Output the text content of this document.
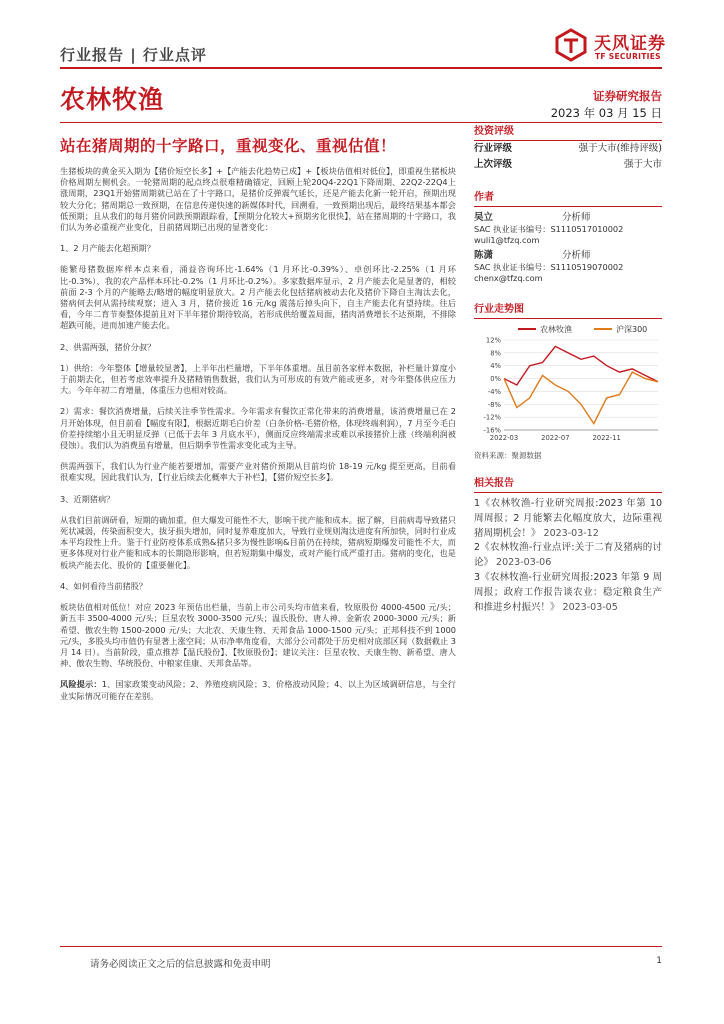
行业报告 | 行业点评
天风证券
TF SECURITIES
农林牧渔	证券研究报告
2023 年 03 月 15 日
站在猪周期的十字路口，重视变化、重视估值！

生猪板块的黄金买入期为【猪价短空长多】+【产能去化趋势已成】+【板块估值相对低位】，即重视生猪板块价格周期左侧机会。一轮猪周期的起点终点很难精确锚定，回顾上轮20Q4-22Q1下降周期、22Q2-22Q4上涨周期，23Q1开始猪周期就已站在了十字路口，是猪价反弹震气延长，还是产能去化新一轮开启，预期出现较大分化；猪周期总一致预期，在信息传递快速的新媒体时代，回溯看，一致预期出现后，最终结果基本都会低预期；且从我们的每月猪价同跌预期跟踪看，【预期分化较大+预期劣化很快】，站在猪周期的十字路口，我们认为务必重视产业变化，目前猪周期已出现的显著变化：

1、2 月产能去化超预期？

能繁母猪数据库样本点来看，涌益咨询环比-1.64%（1 月环比-0.39%）、卓创环比-2.25%（1 月环比-0.3%）、我的农产品样本环比-0.2%（1 月环比-0.2%）。多家数据库显示，2 月产能去化是显著的，相较前面 2-3 个月的产能略去/略增的幅度明显放大。2 月产能去化包括猪病被动去化及猪价下降自主淘汰去化，猪病何去何从需持续观察；进入 3 月，猪价接近 16 元/kg 震荡后掉头向下，自主产能去化有望持续。往后看，今年二育节奏整体提前且对下半年猪价期待较高，若形成供给覆盖局面，猪肉消费增长不达预期，不排除超跌可能，进而加速产能去化。

2、供需两强，猪价分叔？

1）供给：今年整体【增量较显著】，上半年出栏量增，下半年体重增。虽目前各家样本数据，补栏量计算度小于前期去化，但若考虑效率提升及猪精销售数据，我们认为可形成的有效产能或更多，对今年整体供应压力大。今年年初二育增量，体重压力也相对较高。

2）需求：餐饮消费增量，后续关注季节性需求。今年需求有餐饮正常化带来的消费增量，该消费增量已在 2 月开始体现，但目前看【幅度有限】，根据近期毛白价差（白条价格-毛猪价格，体现终端利润），7 月至今毛白价差持续缩小且无明显反弹（已低于去年 3 月底水平），侧面反应终端需求或难以承接猪价上涨（终端利润被侵蚀）。我们认为消费虽有增量，但后期季节性需求变化或为主导。

供需两强下，我们认为行业产能若要增加，需要产业对猪价预期从目前均价 18-19 元/kg 提至更高，目前看很难实现，因此我们认为，【行业后续去化概率大于补栏】，【猪价短空长多】。

3、近期猪病？

从我们目前调研看，短期的确加重，但大爆发可能性不大，影响干扰产能和成本。据了解，目前病毒导致猪只死状减弱，传染面积变大，拔牙损失增加，同时复养难度加大，导致行业规则淘汰进度有所加快，同时行业成本平均段性上升。鉴于行业防疫体系成熟&猪只多为慢性影响&目前仍在持续，猪病短期爆发可能性不大，而更多体现对行业产能和成本的长期隐形影响，但若短期集中爆发，或对产能行成严重打击。猪病的变化，也是板块产能去化、股价的【重要催化】。

4、如何看待当前猪股？

板块估值相对低位！对应 2023 年预估出栏量，当前上市公司头均市值来看，牧原股份 4000-4500 元/头；新五丰 3500-4000 元/头；巨星农牧 3000-3500 元/头；温氏股份、唐人神、金新农 2000-3000 元/头；新希望、傲农生物 1500-2000 元/头；大北农、天康生物、天邦食品 1000-1500 元/头；正邦科技不到 1000 元/头，多股头均市值仍有显著上涨空间；从市净率角度看，大部分公司都处于历史相对底部区间（数据截止 3 月 14 日）。当前阶段，重点推荐【温氏股份】、【牧原股份】；建议关注：巨星农牧、天康生物、新希望、唐人神、傲农生物、华统股份、中粮家佳康、天邦食品等。

风险提示：1、国家政策变动风险；2、养殖疫病风险；3、价格波动风险；4、以上为区域调研信息，与全行业实际情况可能存在差别。

投资评级
行业评级	强于大市(维持评级)
上次评级	强于大市
作者
吴立	分析师
SAC 执业证书编号：S1110517010002
wuli1@tfzq.com
陈潇	分析师
SAC 执业证书编号：S1110519070002
chenx@tfzq.com
行业走势图
农林牧渔	沪深300
12%
8%
4%
0%
-4%
-8%
-12%
-16%
2022-03	2022-07	2022-11
资料来源：聚源数据
相关报告
1《农林牧渔-行业研究周报:2023 年第 10 周周报；2 月能繁去化幅度放大，边际重视猪周期机会！》 2023-03-12
2《农林牧渔-行业点评:关于二育及猪病的讨论》 2023-03-06
3《农林牧渔-行业研究周报:2023 年第 9 周周报；政府工作报告谈农业：稳定粮食生产和推进乡村振兴！》 2023-03-05
请务必阅读正文之后的信息披露和免责申明	1
